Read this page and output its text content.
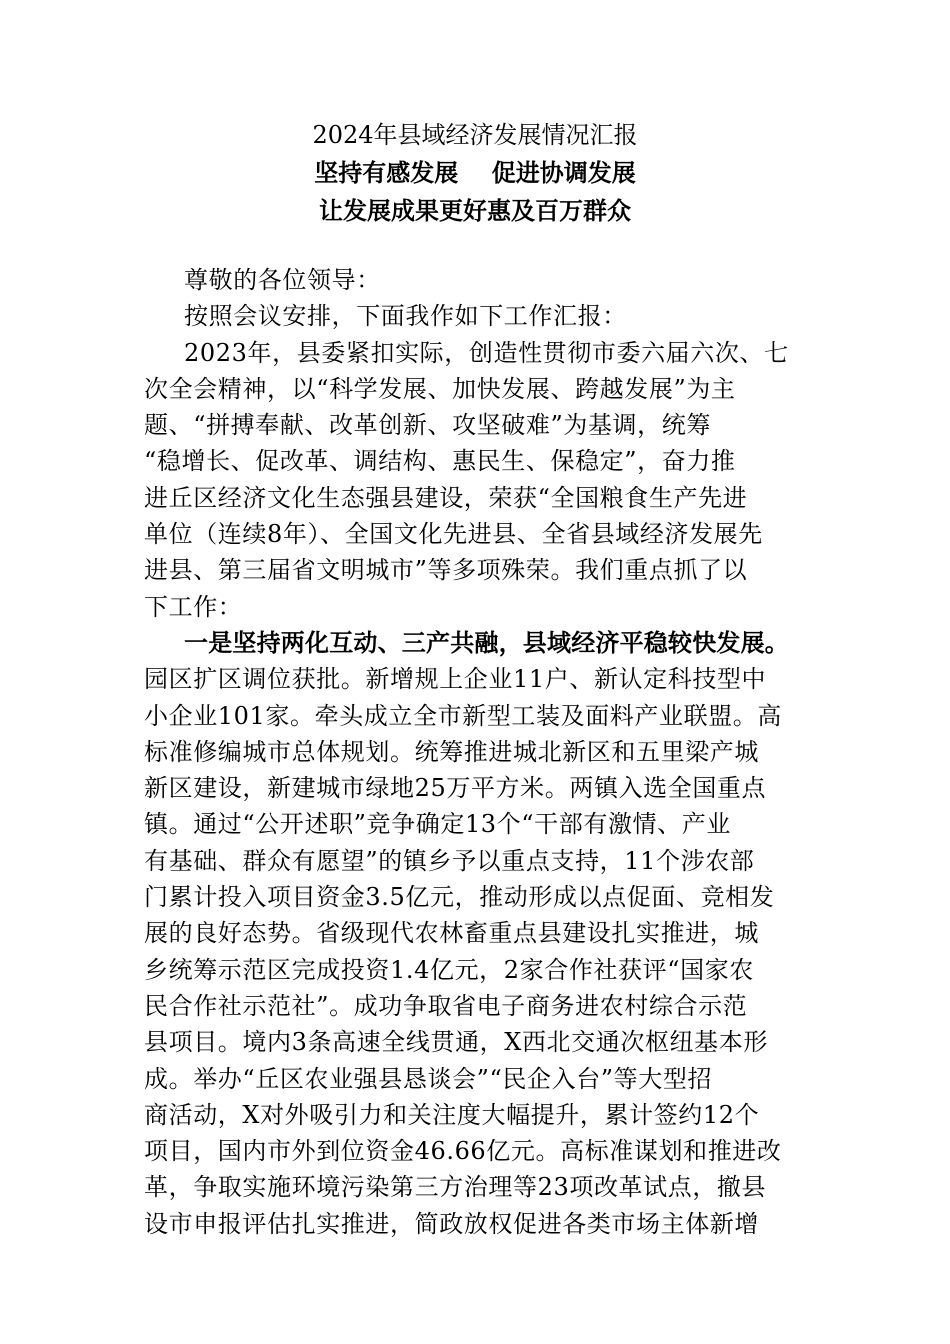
2024年县域经济发展情况汇报
坚持有感发展    促进协调发展
让发展成果更好惠及百万群众
尊敬的各位领导：
按照会议安排，下面我作如下工作汇报：
2023年，县委紧扣实际，创造性贯彻市委六届六次、七
次全会精神，以“科学发展、加快发展、跨越发展”为主
题、“拼搏奉献、改革创新、攻坚破难”为基调，统筹
“稳增长、促改革、调结构、惠民生、保稳定”，奋力推
进丘区经济文化生态强县建设，荣获“全国粮食生产先进
单位（连续8年）、全国文化先进县、全省县域经济发展先
进县、第三届省文明城市”等多项殊荣。我们重点抓了以
下工作：
一是坚持两化互动、三产共融，县域经济平稳较快发展。
园区扩区调位获批。新增规上企业11户、新认定科技型中
小企业101家。牵头成立全市新型工装及面料产业联盟。高
标准修编城市总体规划。统筹推进城北新区和五里梁产城
新区建设，新建城市绿地25万平方米。两镇入选全国重点
镇。通过“公开述职”竞争确定13个“干部有激情、产业
有基础、群众有愿望”的镇乡予以重点支持，11个涉农部
门累计投入项目资金3.5亿元，推动形成以点促面、竞相发
展的良好态势。省级现代农林畜重点县建设扎实推进，城
乡统筹示范区完成投资1.4亿元，2家合作社获评“国家农
民合作社示范社”。成功争取省电子商务进农村综合示范
县项目。境内3条高速全线贯通，X西北交通次枢纽基本形
成。举办“丘区农业强县恳谈会”“民企入台”等大型招
商活动，X对外吸引力和关注度大幅提升，累计签约12个
项目，国内市外到位资金46.66亿元。高标准谋划和推进改
革，争取实施环境污染第三方治理等23项改革试点，撤县
设市申报评估扎实推进，简政放权促进各类市场主体新增
